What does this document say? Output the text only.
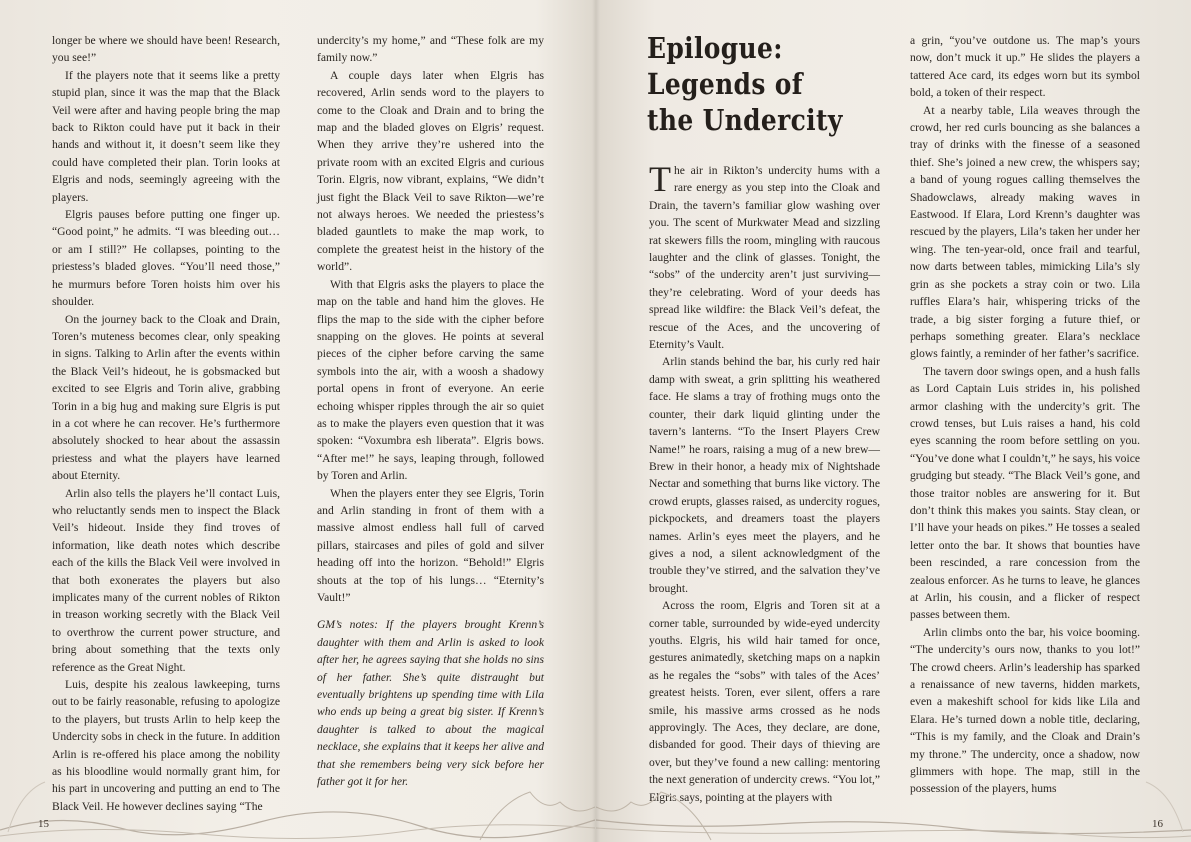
longer be where we should have been! Research, you see!”

If the players note that it seems like a pretty stupid plan, since it was the map that the Black Veil were after and having people bring the map back to Rikton could have put it back in their hands and without it, it doesn’t seem like they could have completed their plan. Torin looks at Elgris and nods, seemingly agreeing with the players.

Elgris pauses before putting one finger up. “Good point,” he admits. “I was bleeding out… or am I still?” He collapses, pointing to the priestess’s bladed gloves. “You’ll need those,” he murmurs before Toren hoists him over his shoulder.

On the journey back to the Cloak and Drain, Toren’s muteness becomes clear, only speaking in signs. Talking to Arlin after the events within the Black Veil’s hideout, he is gobsmacked but excited to see Elgris and Torin alive, grabbing Torin in a big hug and making sure Elgris is put in a cot where he can recover. He’s furthermore absolutely shocked to hear about the assassin priestess and what the players have learned about Eternity.

Arlin also tells the players he’ll contact Luis, who reluctantly sends men to inspect the Black Veil’s hideout. Inside they find troves of information, like death notes which describe each of the kills the Black Veil were involved in that both exonerates the players but also implicates many of the current nobles of Rikton in treason working secretly with the Black Veil to overthrow the current power structure, and bring about something that the texts only reference as the Great Night.

Luis, despite his zealous lawkeeping, turns out to be fairly reasonable, refusing to apologize to the players, but trusts Arlin to help keep the Undercity sobs in check in the future. In addition Arlin is re-offered his place among the nobility as his bloodline would normally grant him, for his part in uncovering and putting an end to The Black Veil. He however declines saying “The

undercity’s my home,” and “These folk are my family now.”

A couple days later when Elgris has recovered, Arlin sends word to the players to come to the Cloak and Drain and to bring the map and the bladed gloves on Elgris’ request. When they arrive they’re ushered into the private room with an excited Elgris and curious Torin. Elgris, now vibrant, explains, “We didn’t just fight the Black Veil to save Rikton—we’re not always heroes. We needed the priestess’s bladed gauntlets to make the map work, to complete the greatest heist in the history of the world”.

With that Elgris asks the players to place the map on the table and hand him the gloves. He flips the map to the side with the cipher before snapping on the gloves. He points at several pieces of the cipher before carving the same symbols into the air, with a woosh a shadowy portal opens in front of everyone. An eerie echoing whisper ripples through the air so quiet as to make the players even question that it was spoken: “Voxumbra esh liberata”. Elgris bows. “After me!” he says, leaping through, followed by Toren and Arlin.

When the players enter they see Elgris, Torin and Arlin standing in front of them with a massive almost endless hall full of carved pillars, staircases and piles of gold and silver heading off into the horizon. “Behold!” Elgris shouts at the top of his lungs… “Eternity’s Vault!”

GM’s notes: If the players brought Krenn’s daughter with them and Arlin is asked to look after her, he agrees saying that she holds no sins of her father. She’s quite distraught but eventually brightens up spending time with Lila who ends up being a great big sister. If Krenn’s daughter is talked to about the magical necklace, she explains that it keeps her alive and that she remembers being very sick before her father got it for her.

15
Epilogue: Legends of the Undercity

The air in Rikton’s undercity hums with a rare energy as you step into the Cloak and Drain, the tavern’s familiar glow washing over you. The scent of Murkwater Mead and sizzling rat skewers fills the room, mingling with raucous laughter and the clink of glasses. Tonight, the “sobs” of the undercity aren’t just surviving—they’re celebrating. Word of your deeds has spread like wildfire: the Black Veil’s defeat, the rescue of the Aces, and the uncovering of Eternity’s Vault.

Arlin stands behind the bar, his curly red hair damp with sweat, a grin splitting his weathered face. He slams a tray of frothing mugs onto the counter, their dark liquid glinting under the tavern’s lanterns. “To the Insert Players Crew Name!” he roars, raising a mug of a new brew—Brew in their honor, a heady mix of Nightshade Nectar and something that burns like victory. The crowd erupts, glasses raised, as undercity rogues, pickpockets, and dreamers toast the players names. Arlin’s eyes meet the players, and he gives a nod, a silent acknowledgment of the trouble they’ve stirred, and the salvation they’ve brought.

Across the room, Elgris and Toren sit at a corner table, surrounded by wide-eyed undercity youths. Elgris, his wild hair tamed for once, gestures animatedly, sketching maps on a napkin as he regales the “sobs” with tales of the Aces’ greatest heists. Toren, ever silent, offers a rare smile, his massive arms crossed as he nods approvingly. The Aces, they declare, are done, disbanded for good. Their days of thieving are over, but they’ve found a new calling: mentoring the next generation of undercity crews. “You lot,” Elgris says, pointing at the players with

a grin, “you’ve outdone us. The map’s yours now, don’t muck it up.” He slides the players a tattered Ace card, its edges worn but its symbol bold, a token of their respect.

At a nearby table, Lila weaves through the crowd, her red curls bouncing as she balances a tray of drinks with the finesse of a seasoned thief. She’s joined a new crew, the whispers say; a band of young rogues calling themselves the Shadowclaws, already making waves in Eastwood. If Elara, Lord Krenn’s daughter was rescued by the players, Lila’s taken her under her wing. The ten-year-old, once frail and tearful, now darts between tables, mimicking Lila’s sly grin as she pockets a stray coin or two. Lila ruffles Elara’s hair, whispering tricks of the trade, a big sister forging a future thief, or perhaps something greater. Elara’s necklace glows faintly, a reminder of her father’s sacrifice.

The tavern door swings open, and a hush falls as Lord Captain Luis strides in, his polished armor clashing with the undercity’s grit. The crowd tenses, but Luis raises a hand, his cold eyes scanning the room before settling on you. “You’ve done what I couldn’t,” he says, his voice grudging but steady. “The Black Veil’s gone, and those traitor nobles are answering for it. But don’t think this makes you saints. Stay clean, or I’ll have your heads on pikes.” He tosses a sealed letter onto the bar. It shows that bounties have been rescinded, a rare concession from the zealous enforcer. As he turns to leave, he glances at Arlin, his cousin, and a flicker of respect passes between them.

Arlin climbs onto the bar, his voice booming. “The undercity’s ours now, thanks to you lot!” The crowd cheers. Arlin’s leadership has sparked a renaissance of new taverns, hidden markets, even a makeshift school for kids like Lila and Elara. He’s turned down a noble title, declaring, “This is my family, and the Cloak and Drain’s my throne.” The undercity, once a shadow, now glimmers with hope. The map, still in the possession of the players, hums

16
